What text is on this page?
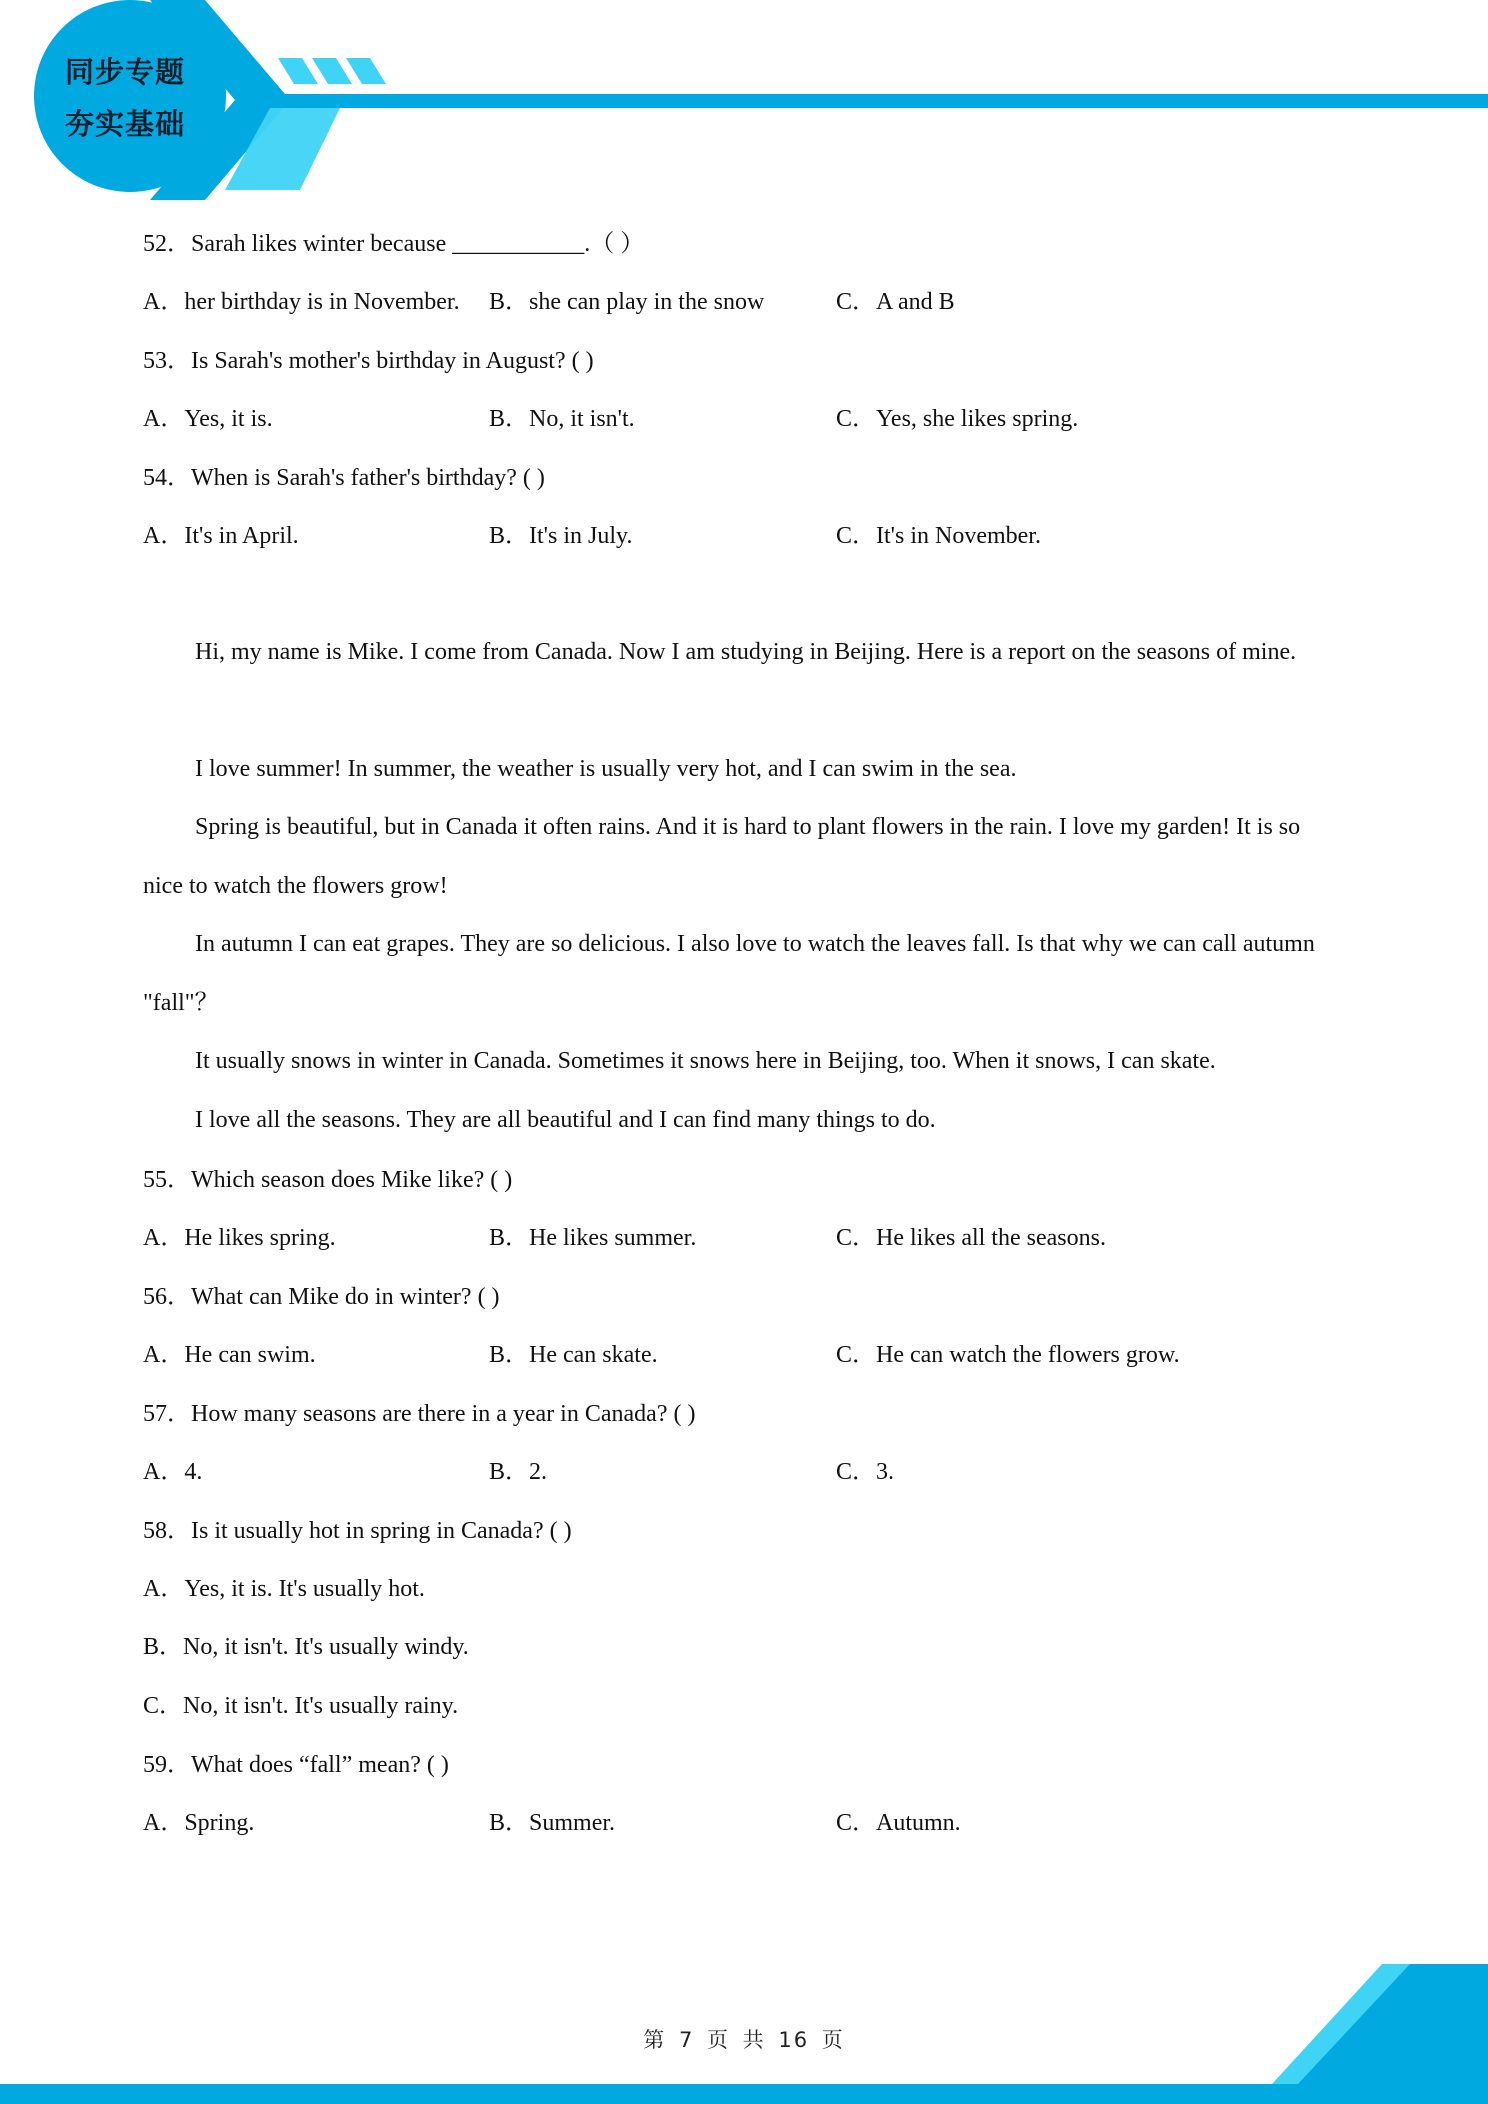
同步专题
夯实基础
52．Sarah likes winter because ___________.（ ）
A．her birthday is in November. B．she can play in the snow	C．A and B
53．Is Sarah's mother's birthday in August? ( )
A．Yes, it is.	B．No, it isn't.	C．Yes, she likes spring.
54．When is Sarah's father's birthday? ( )
A．It's in April.	B．It's in July.	C．It's in November.
Hi, my name is Mike. I come from Canada. Now I am studying in Beijing. Here is a report on the seasons of mine.
I love summer! In summer, the weather is usually very hot, and I can swim in the sea.
Spring is beautiful, but in Canada it often rains. And it is hard to plant flowers in the rain. I love my garden! It is so nice to watch the flowers grow!
In autumn I can eat grapes. They are so delicious. I also love to watch the leaves fall. Is that why we can call autumn "fall"？
It usually snows in winter in Canada. Sometimes it snows here in Beijing, too. When it snows, I can skate.
I love all the seasons. They are all beautiful and I can find many things to do.
55．Which season does Mike like? ( )
A．He likes spring.	B．He likes summer.	C．He likes all the seasons.
56．What can Mike do in winter? ( )
A．He can swim.	B．He can skate.	C．He can watch the flowers grow.
57．How many seasons are there in a year in Canada? ( )
A．4.	B．2.	C．3.
58．Is it usually hot in spring in Canada? ( )
A．Yes, it is. It's usually hot.
B．No, it isn't. It's usually windy.
C．No, it isn't. It's usually rainy.
59．What does “fall” mean? ( )
A．Spring.	B．Summer.	C．Autumn.
第 7 页 共 16 页
